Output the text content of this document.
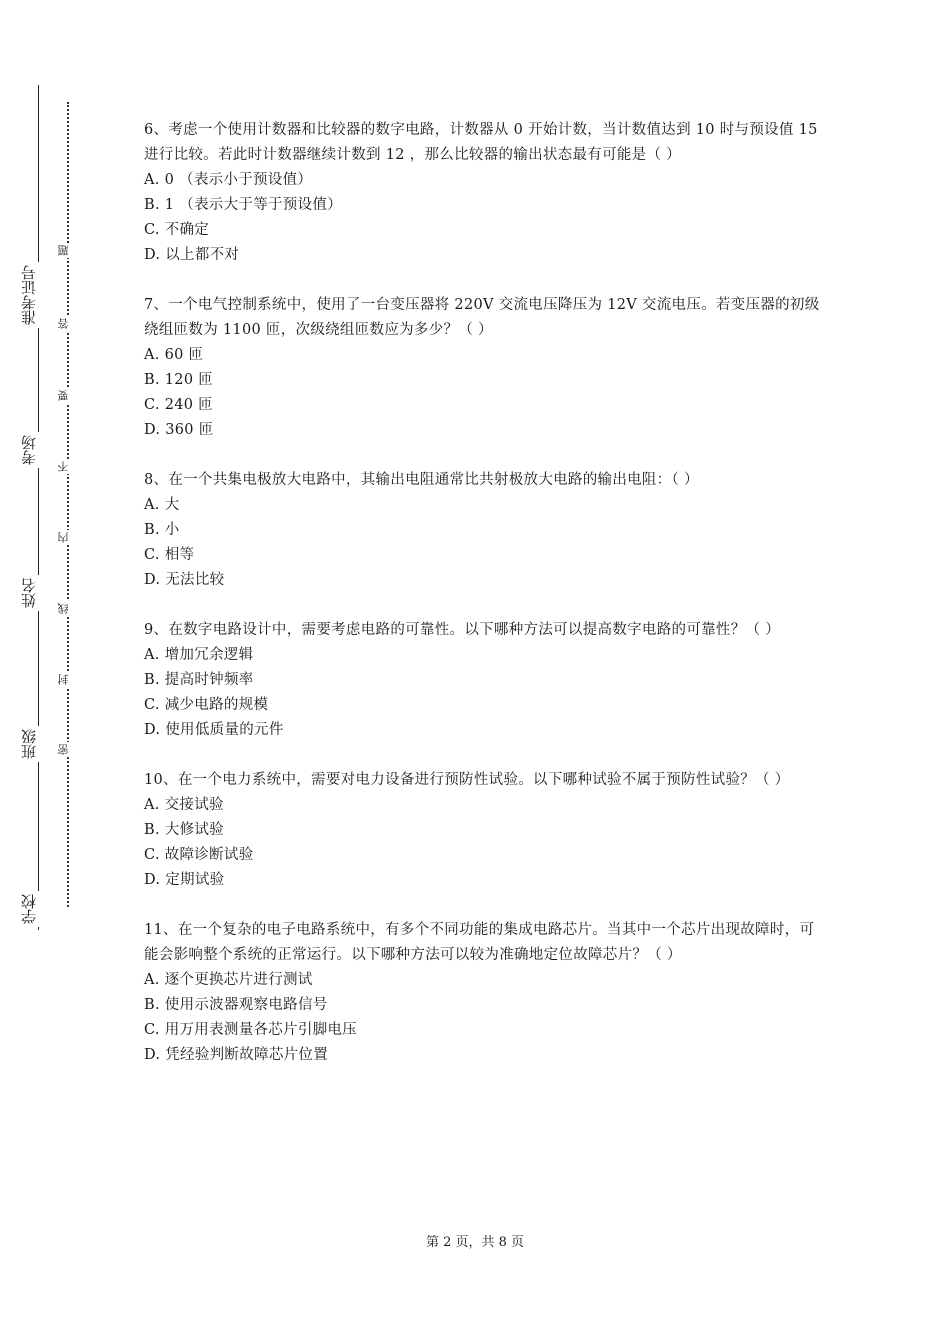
准考证号
考场
姓名
班级
学校
题
答
要
不
内
线
封
密
6、考虑一个使用计数器和比较器的数字电路，计数器从 0 开始计数，当计数值达到 10 时与预设值 15 进行比较。若此时计数器继续计数到 12 ，那么比较器的输出状态最有可能是（ ）
A. 0 （表示小于预设值）
B. 1 （表示大于等于预设值）
C. 不确定
D. 以上都不对
7、一个电气控制系统中，使用了一台变压器将 220V 交流电压降压为 12V 交流电压。若变压器的初级绕组匝数为 1100 匝，次级绕组匝数应为多少？（ ）
A. 60 匝
B. 120 匝
C. 240 匝
D. 360 匝
8、在一个共集电极放大电路中，其输出电阻通常比共射极放大电路的输出电阻：（ ）
A. 大
B. 小
C. 相等
D. 无法比较
9、在数字电路设计中，需要考虑电路的可靠性。以下哪种方法可以提高数字电路的可靠性？（ ）
A. 增加冗余逻辑
B. 提高时钟频率
C. 减少电路的规模
D. 使用低质量的元件
10、在一个电力系统中，需要对电力设备进行预防性试验。以下哪种试验不属于预防性试验？（ ）
A. 交接试验
B. 大修试验
C. 故障诊断试验
D. 定期试验
11、在一个复杂的电子电路系统中，有多个不同功能的集成电路芯片。当其中一个芯片出现故障时，可能会影响整个系统的正常运行。以下哪种方法可以较为准确地定位故障芯片？（ ）
A. 逐个更换芯片进行测试
B. 使用示波器观察电路信号
C. 用万用表测量各芯片引脚电压
D. 凭经验判断故障芯片位置
第 2 页，共 8 页
